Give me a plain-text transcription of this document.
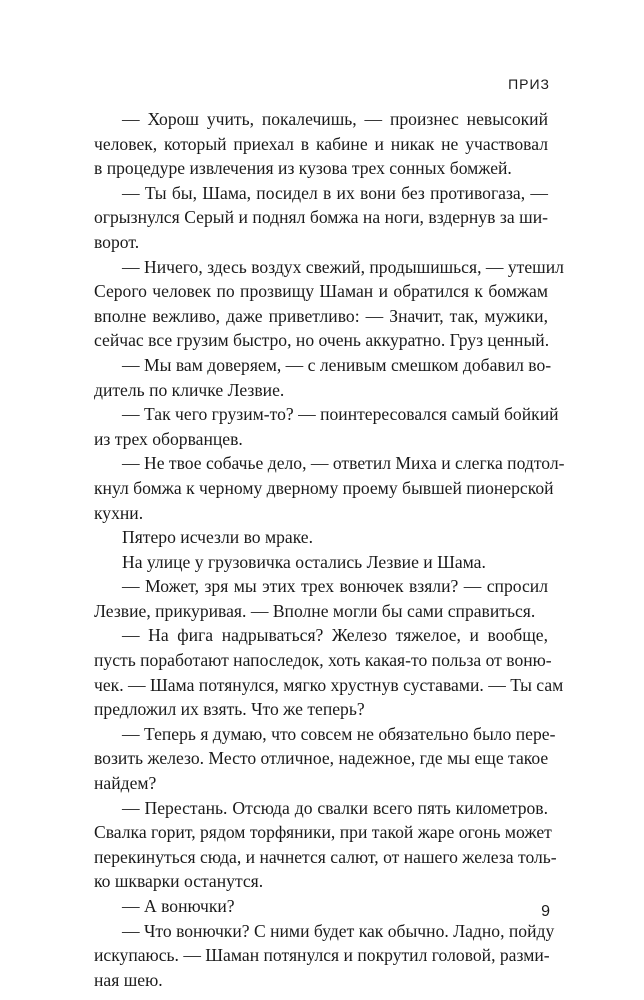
ПРИЗ
— Хорош учить, покалечишь, — произнес невысокий
человек, который приехал в кабине и никак не участвовал
в процедуре извлечения из кузова трех сонных бомжей.
— Ты бы, Шама, посидел в их вони без противогаза, —
огрызнулся Серый и поднял бомжа на ноги, вздернув за ши-
ворот.
— Ничего, здесь воздух свежий, продышишься, — утешил
Серого человек по прозвищу Шаман и обратился к бомжам
вполне вежливо, даже приветливо: — Значит, так, мужики,
сейчас все грузим быстро, но очень аккуратно. Груз ценный.
— Мы вам доверяем, — с ленивым смешком добавил во-
дитель по кличке Лезвие.
— Так чего грузим-то? — поинтересовался самый бойкий
из трех оборванцев.
— Не твое собачье дело, — ответил Миха и слегка подтол-
кнул бомжа к черному дверному проему бывшей пионерской
кухни.
Пятеро исчезли во мраке.
На улице у грузовичка остались Лезвие и Шама.
— Может, зря мы этих трех вонючек взяли? — спросил
Лезвие, прикуривая. — Вполне могли бы сами справиться.
— На фига надрываться? Железо тяжелое, и вообще,
пусть поработают напоследок, хоть какая-то польза от воню-
чек. — Шама потянулся, мягко хрустнув суставами. — Ты сам
предложил их взять. Что же теперь?
— Теперь я думаю, что совсем не обязательно было пере-
возить железо. Место отличное, надежное, где мы еще такое
найдем?
— Перестань. Отсюда до свалки всего пять километров.
Свалка горит, рядом торфяники, при такой жаре огонь может
перекинуться сюда, и начнется салют, от нашего железа толь-
ко шкварки останутся.
— А вонючки?
— Что вонючки? С ними будет как обычно. Ладно, пойду
искупаюсь. — Шаман потянулся и покрутил головой, разми-
ная шею.
9
